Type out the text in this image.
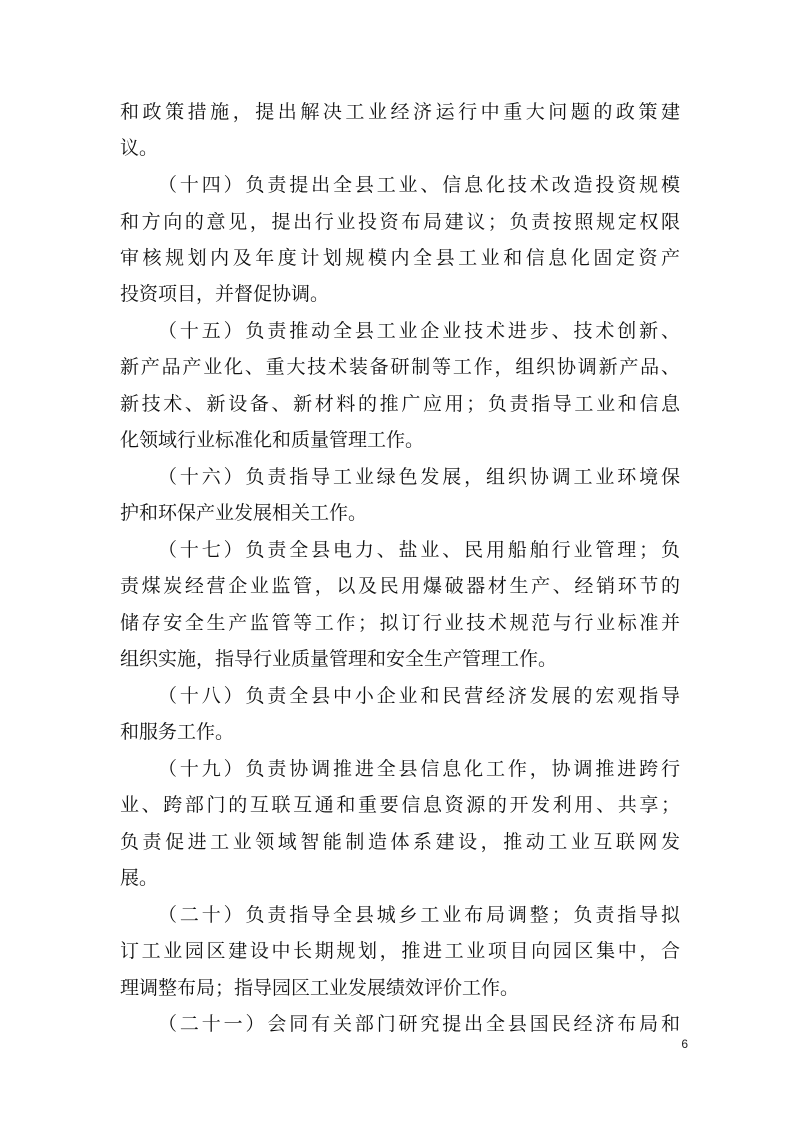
和政策措施，提出解决工业经济运行中重大问题的政策建

议。

（十四）负责提出全县工业、信息化技术改造投资规模

和方向的意见，提出行业投资布局建议；负责按照规定权限

审核规划内及年度计划规模内全县工业和信息化固定资产

投资项目，并督促协调。

（十五）负责推动全县工业企业技术进步、技术创新、

新产品产业化、重大技术装备研制等工作，组织协调新产品、

新技术、新设备、新材料的推广应用；负责指导工业和信息

化领域行业标准化和质量管理工作。

（十六）负责指导工业绿色发展，组织协调工业环境保

护和环保产业发展相关工作。

（十七）负责全县电力、盐业、民用船舶行业管理；负

责煤炭经营企业监管，以及民用爆破器材生产、经销环节的

储存安全生产监管等工作；拟订行业技术规范与行业标准并

组织实施，指导行业质量管理和安全生产管理工作。

（十八）负责全县中小企业和民营经济发展的宏观指导

和服务工作。

（十九）负责协调推进全县信息化工作，协调推进跨行

业、跨部门的互联互通和重要信息资源的开发利用、共享；

负责促进工业领域智能制造体系建设，推动工业互联网发

展。

（二十）负责指导全县城乡工业布局调整；负责指导拟

订工业园区建设中长期规划，推进工业项目向园区集中，合

理调整布局；指导园区工业发展绩效评价工作。

（二十一）会同有关部门研究提出全县国民经济布局和

6
